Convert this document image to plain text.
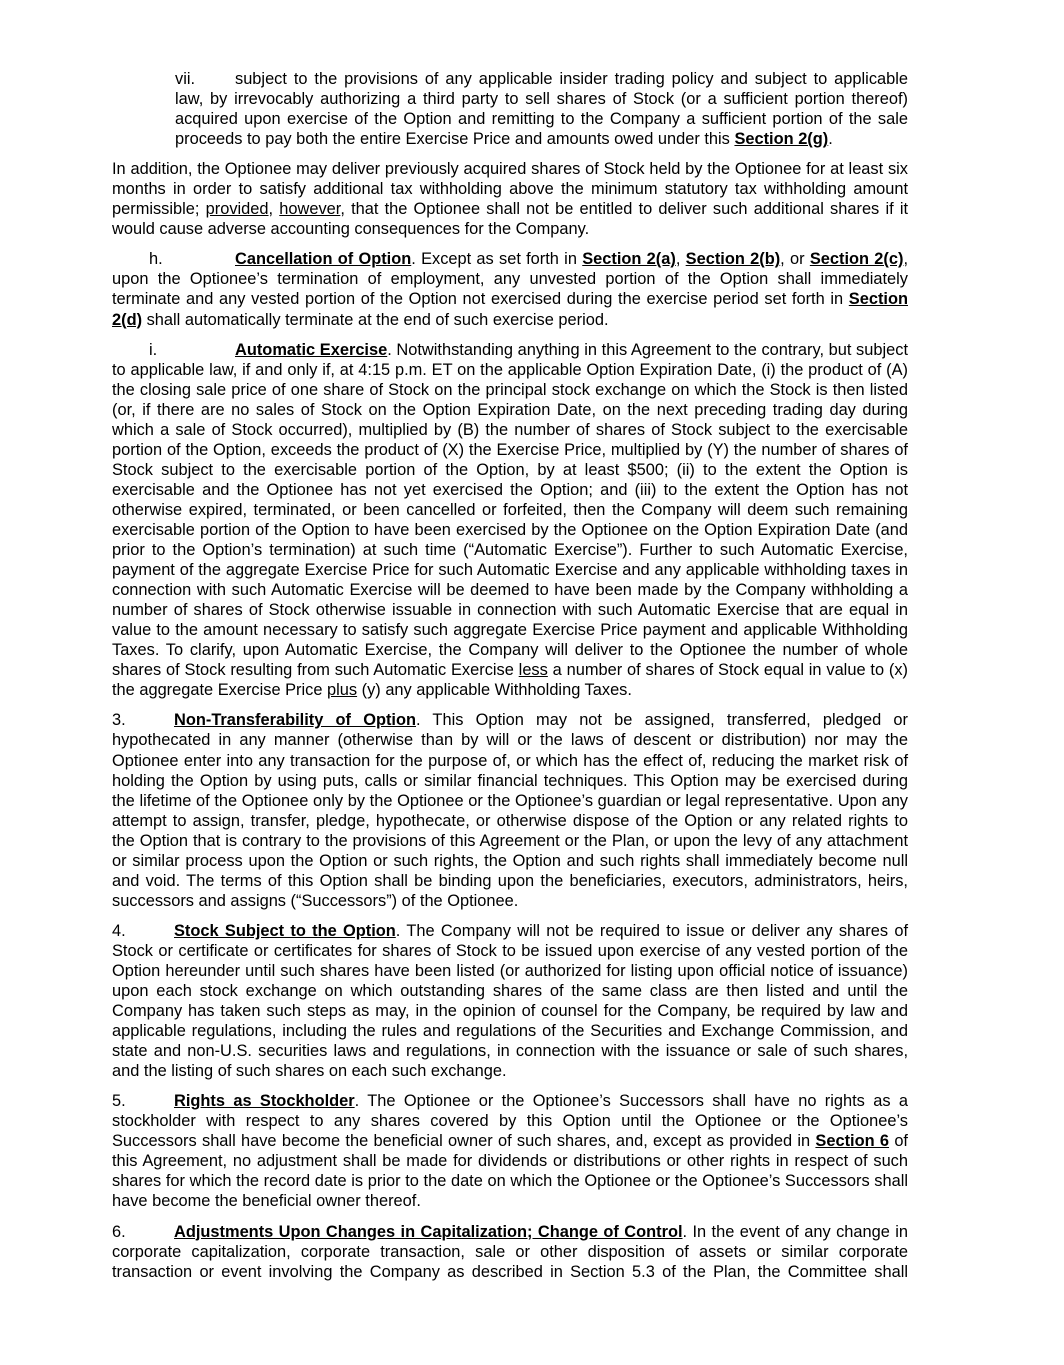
vii. subject to the provisions of any applicable insider trading policy and subject to applicable law, by irrevocably authorizing a third party to sell shares of Stock (or a sufficient portion thereof) acquired upon exercise of the Option and remitting to the Company a sufficient portion of the sale proceeds to pay both the entire Exercise Price and amounts owed under this Section 2(g).

In addition, the Optionee may deliver previously acquired shares of Stock held by the Optionee for at least six months in order to satisfy additional tax withholding above the minimum statutory tax withholding amount permissible; provided, however, that the Optionee shall not be entitled to deliver such additional shares if it would cause adverse accounting consequences for the Company.

h.	Cancellation of Option. Except as set forth in Section 2(a), Section 2(b), or Section 2(c), upon the Optionee’s termination of employment, any unvested portion of the Option shall immediately terminate and any vested portion of the Option not exercised during the exercise period set forth in Section 2(d) shall automatically terminate at the end of such exercise period.

i.	Automatic Exercise. Notwithstanding anything in this Agreement to the contrary, but subject to applicable law, if and only if, at 4:15 p.m. ET on the applicable Option Expiration Date, (i) the product of (A) the closing sale price of one share of Stock on the principal stock exchange on which the Stock is then listed (or, if there are no sales of Stock on the Option Expiration Date, on the next preceding trading day during which a sale of Stock occurred), multiplied by (B) the number of shares of Stock subject to the exercisable portion of the Option, exceeds the product of (X) the Exercise Price, multiplied by (Y) the number of shares of Stock subject to the exercisable portion of the Option, by at least $500; (ii) to the extent the Option is exercisable and the Optionee has not yet exercised the Option; and (iii) to the extent the Option has not otherwise expired, terminated, or been cancelled or forfeited, then the Company will deem such remaining exercisable portion of the Option to have been exercised by the Optionee on the Option Expiration Date (and prior to the Option’s termination) at such time (“Automatic Exercise”). Further to such Automatic Exercise, payment of the aggregate Exercise Price for such Automatic Exercise and any applicable withholding taxes in connection with such Automatic Exercise will be deemed to have been made by the Company withholding a number of shares of Stock otherwise issuable in connection with such Automatic Exercise that are equal in value to the amount necessary to satisfy such aggregate Exercise Price payment and applicable Withholding Taxes. To clarify, upon Automatic Exercise, the Company will deliver to the Optionee the number of whole shares of Stock resulting from such Automatic Exercise less a number of shares of Stock equal in value to (x) the aggregate Exercise Price plus (y) any applicable Withholding Taxes.

3.	Non-Transferability of Option. This Option may not be assigned, transferred, pledged or hypothecated in any manner (otherwise than by will or the laws of descent or distribution) nor may the Optionee enter into any transaction for the purpose of, or which has the effect of, reducing the market risk of holding the Option by using puts, calls or similar financial techniques. This Option may be exercised during the lifetime of the Optionee only by the Optionee or the Optionee’s guardian or legal representative. Upon any attempt to assign, transfer, pledge, hypothecate, or otherwise dispose of the Option or any related rights to the Option that is contrary to the provisions of this Agreement or the Plan, or upon the levy of any attachment or similar process upon the Option or such rights, the Option and such rights shall immediately become null and void. The terms of this Option shall be binding upon the beneficiaries, executors, administrators, heirs, successors and assigns (“Successors”) of the Optionee.

4.	Stock Subject to the Option. The Company will not be required to issue or deliver any shares of Stock or certificate or certificates for shares of Stock to be issued upon exercise of any vested portion of the Option hereunder until such shares have been listed (or authorized for listing upon official notice of issuance) upon each stock exchange on which outstanding shares of the same class are then listed and until the Company has taken such steps as may, in the opinion of counsel for the Company, be required by law and applicable regulations, including the rules and regulations of the Securities and Exchange Commission, and state and non-U.S. securities laws and regulations, in connection with the issuance or sale of such shares, and the listing of such shares on each such exchange.

5.	Rights as Stockholder. The Optionee or the Optionee’s Successors shall have no rights as a stockholder with respect to any shares covered by this Option until the Optionee or the Optionee’s Successors shall have become the beneficial owner of such shares, and, except as provided in Section 6 of this Agreement, no adjustment shall be made for dividends or distributions or other rights in respect of such shares for which the record date is prior to the date on which the Optionee or the Optionee’s Successors shall have become the beneficial owner thereof.

6.	Adjustments Upon Changes in Capitalization; Change of Control. In the event of any change in corporate capitalization, corporate transaction, sale or other disposition of assets or similar corporate transaction or event involving the Company as described in Section 5.3 of the Plan, the Committee shall
